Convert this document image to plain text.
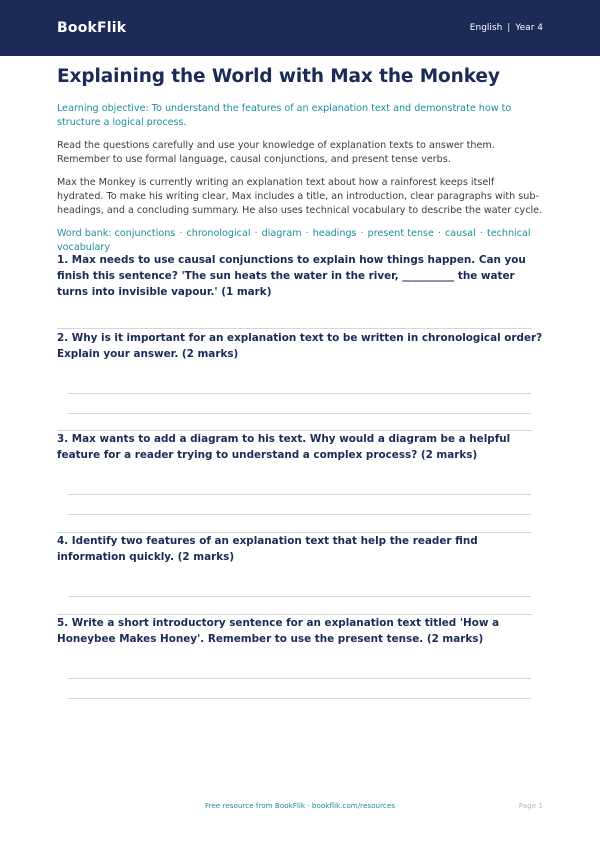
BookFlik	English | Year 4
Explaining the World with Max the Monkey
Learning objective: To understand the features of an explanation text and demonstrate how to structure a logical process.
Read the questions carefully and use your knowledge of explanation texts to answer them. Remember to use formal language, causal conjunctions, and present tense verbs.
Max the Monkey is currently writing an explanation text about how a rainforest keeps itself hydrated. To make his writing clear, Max includes a title, an introduction, clear paragraphs with sub-headings, and a concluding summary. He also uses technical vocabulary to describe the water cycle.
Word bank: conjunctions · chronological · diagram · headings · present tense · causal · technical vocabulary
1. Max needs to use causal conjunctions to explain how things happen. Can you finish this sentence? 'The sun heats the water in the river, __________ the water turns into invisible vapour.' (1 mark)
2. Why is it important for an explanation text to be written in chronological order? Explain your answer. (2 marks)
3. Max wants to add a diagram to his text. Why would a diagram be a helpful feature for a reader trying to understand a complex process? (2 marks)
4. Identify two features of an explanation text that help the reader find information quickly. (2 marks)
5. Write a short introductory sentence for an explanation text titled 'How a Honeybee Makes Honey'. Remember to use the present tense. (2 marks)
Free resource from BookFlik · bookflik.com/resources	Page 1
